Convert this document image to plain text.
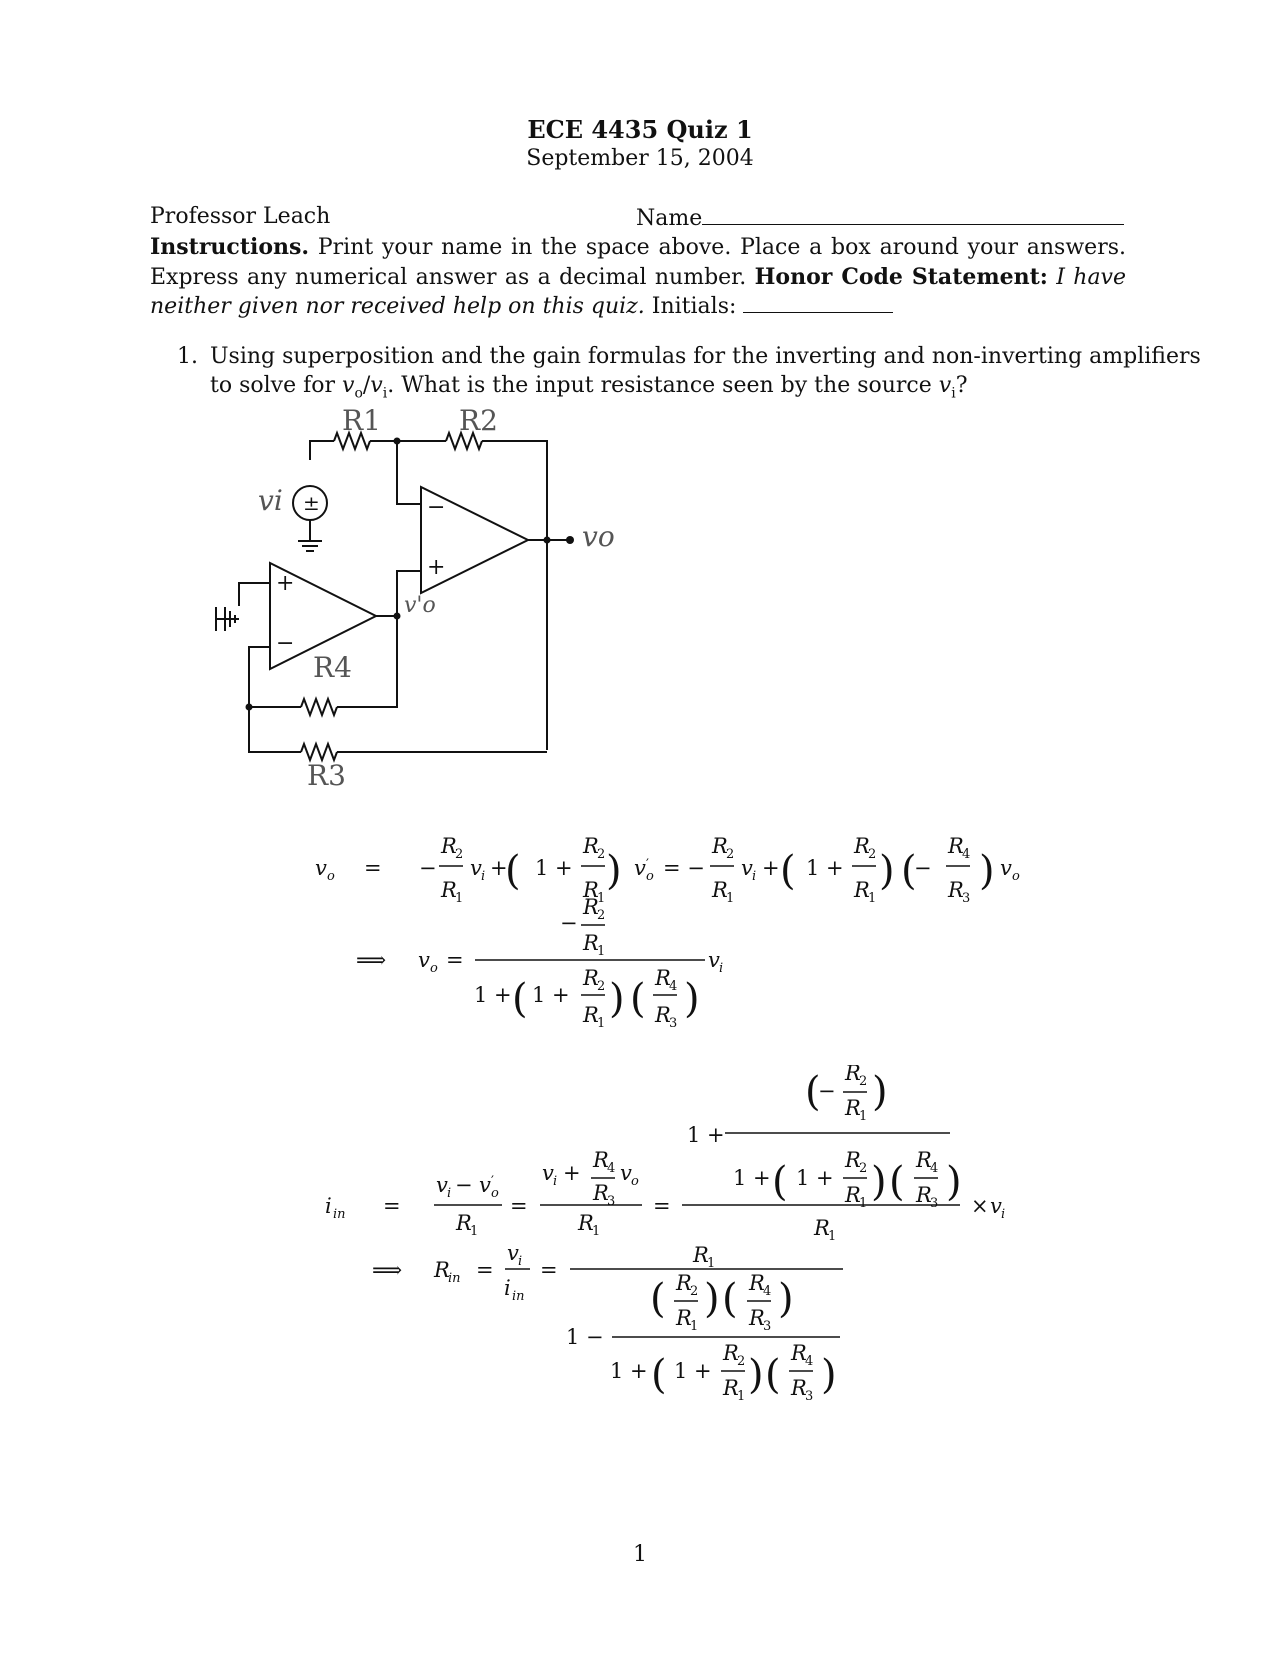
ECE 4435 Quiz 1
September 15, 2004
Professor Leach	Name
Instructions. Print your name in the space above. Place a box around your answers.
Express any numerical answer as a decimal number. Honor Code Statement: I have
neither given nor received help on this quiz. Initials:
1. Using superposition and the gain formulas for the inverting and non-inverting amplifiers
to solve for $v_o/v_i$. What is the input resistance seen by the source $v_i$?
R1	R2
R4
R3
vi
vo
v'o
±	−
+
+
−
v o = −
R
2
R
1
v i +
( 1 +
R
2
R
1
) v ′
o = −
R
2
R
1
v i + ( 1 +
R
2
R
1
) (
−
R
4
R
3
) v o
⟹ v o =
−
R
2
R
1
1 + ( 1 +
R
2
R
1
) ( R
4
R
3
)
v i
(
−
R
2
R
1
)
1 +
1 + ( 1 +
R
2
R
1 ) ( R
4
R
3 )
R
1
× v i
i in =
v i − v ′
o
R
1
=
R
4
v i +
R
3
v o
R
1
=
⟹ R
in =
v i
i in
=
R
1
1 −
( R
2
R
1
) ( R
4
R
3
)
1 + ( 1 +
R
2
R
1 ) ( R
4
R
3 )
1
